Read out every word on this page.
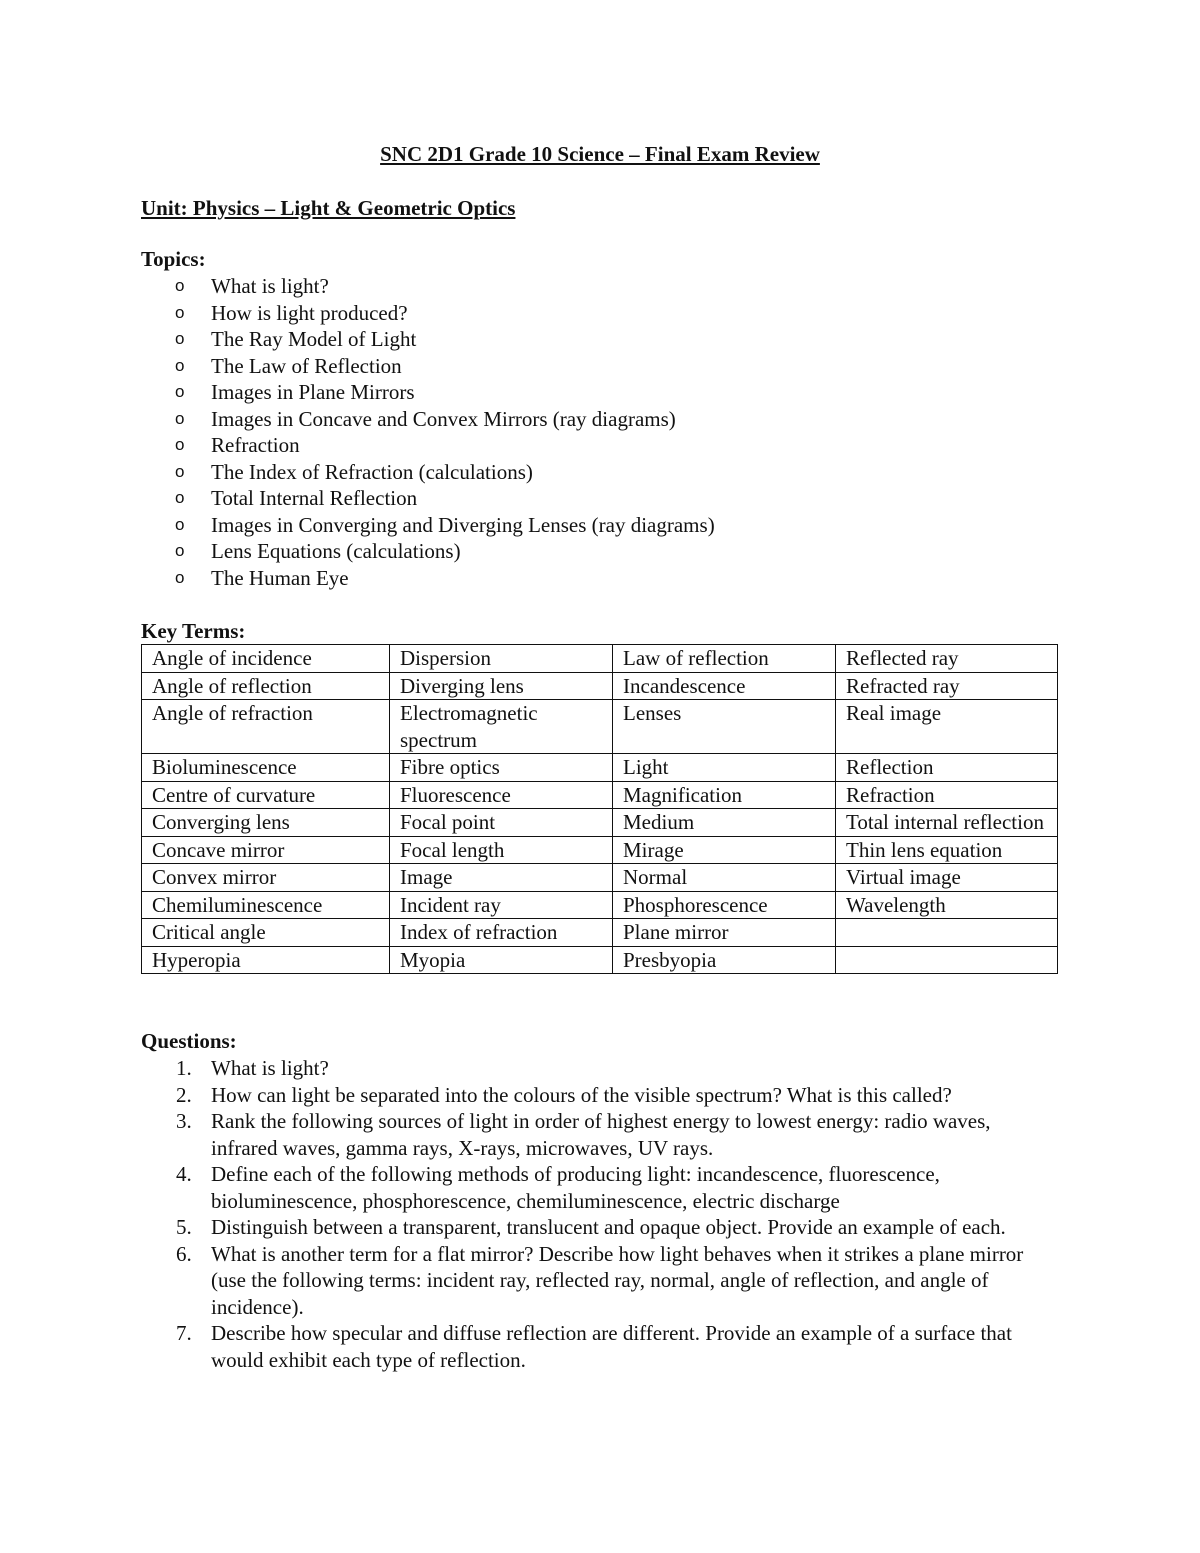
SNC 2D1 Grade 10 Science – Final Exam Review
Unit: Physics – Light & Geometric Optics
Topics:
o What is light?
o How is light produced?
o The Ray Model of Light
o The Law of Reflection
o Images in Plane Mirrors
o Images in Concave and Convex Mirrors (ray diagrams)
o Refraction
o The Index of Refraction (calculations)
o Total Internal Reflection
o Images in Converging and Diverging Lenses (ray diagrams)
o Lens Equations (calculations)
o The Human Eye
Key Terms:
Angle of incidence	Dispersion	Law of reflection	Reflected ray
Angle of reflection	Diverging lens	Incandescence	Refracted ray
Angle of refraction	Electromagnetic spectrum	Lenses	Real image
Bioluminescence	Fibre optics	Light	Reflection
Centre of curvature	Fluorescence	Magnification	Refraction
Converging lens	Focal point	Medium	Total internal reflection
Concave mirror	Focal length	Mirage	Thin lens equation
Convex mirror	Image	Normal	Virtual image
Chemiluminescence	Incident ray	Phosphorescence	Wavelength
Critical angle	Index of refraction	Plane mirror	
Hyperopia	Myopia	Presbyopia	
Questions:
1. What is light?
2. How can light be separated into the colours of the visible spectrum? What is this called?
3. Rank the following sources of light in order of highest energy to lowest energy: radio waves, infrared waves, gamma rays, X-rays, microwaves, UV rays.
4. Define each of the following methods of producing light: incandescence, fluorescence, bioluminescence, phosphorescence, chemiluminescence, electric discharge
5. Distinguish between a transparent, translucent and opaque object. Provide an example of each.
6. What is another term for a flat mirror? Describe how light behaves when it strikes a plane mirror (use the following terms: incident ray, reflected ray, normal, angle of reflection, and angle of incidence).
7. Describe how specular and diffuse reflection are different. Provide an example of a surface that would exhibit each type of reflection.
